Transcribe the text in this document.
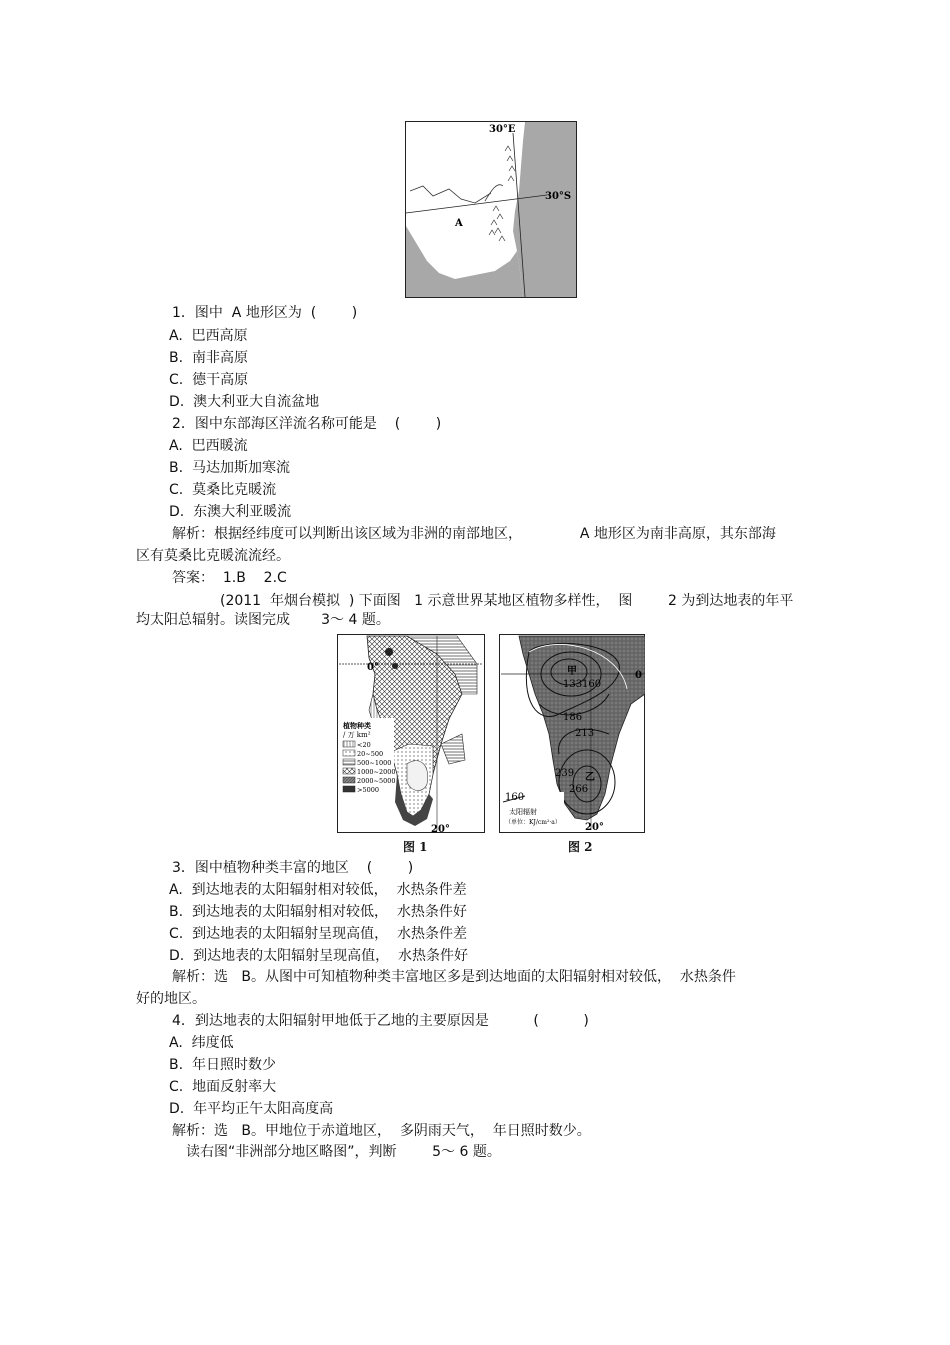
30°E
30°S
A
1．图中  A 地形区为  (        )
A.  巴西高原
B.  南非高原
C.  德干高原
D.  澳大利亚大自流盆地
2．图中东部海区洋流名称可能是    (        )
A.  巴西暖流
B.  马达加斯加寒流
C.  莫桑比克暖流
D.  东澳大利亚暖流
解析：根据经纬度可以判断出该区域为非洲的南部地区，             A 地形区为南非高原，其东部海
区有莫桑比克暖流流经。
答案：  1.B    2.C
(2011  年烟台模拟  ) 下面图   1 示意世界某地区植物多样性，  图        2 为到达地表的年平
均太阳总辐射。读图完成       3～ 4 题。
0°
20°
植物种类
/ 万 km²
<20
20~500
500~1000
1000~2000
2000~5000
>5000
图 1
甲
乙
133 160
186
213
239
266
0
160
太阳辐射
（单位：KJ/cm²·a） 20°
图 2
3．图中植物种类丰富的地区    (        )
A.  到达地表的太阳辐射相对较低，  水热条件差
B.  到达地表的太阳辐射相对较低，  水热条件好
C.  到达地表的太阳辐射呈现高值，  水热条件差
D.  到达地表的太阳辐射呈现高值，  水热条件好
解析：选   B。从图中可知植物种类丰富地区多是到达地面的太阳辐射相对较低，  水热条件
好的地区。
4．到达地表的太阳辐射甲地低于乙地的主要原因是          (          )
A.  纬度低
B.  年日照时数少
C.  地面反射率大
D.  年平均正午太阳高度高
解析：选   B。甲地位于赤道地区，  多阴雨天气，  年日照时数少。
读右图“非洲部分地区略图”，判断        5～ 6 题。
